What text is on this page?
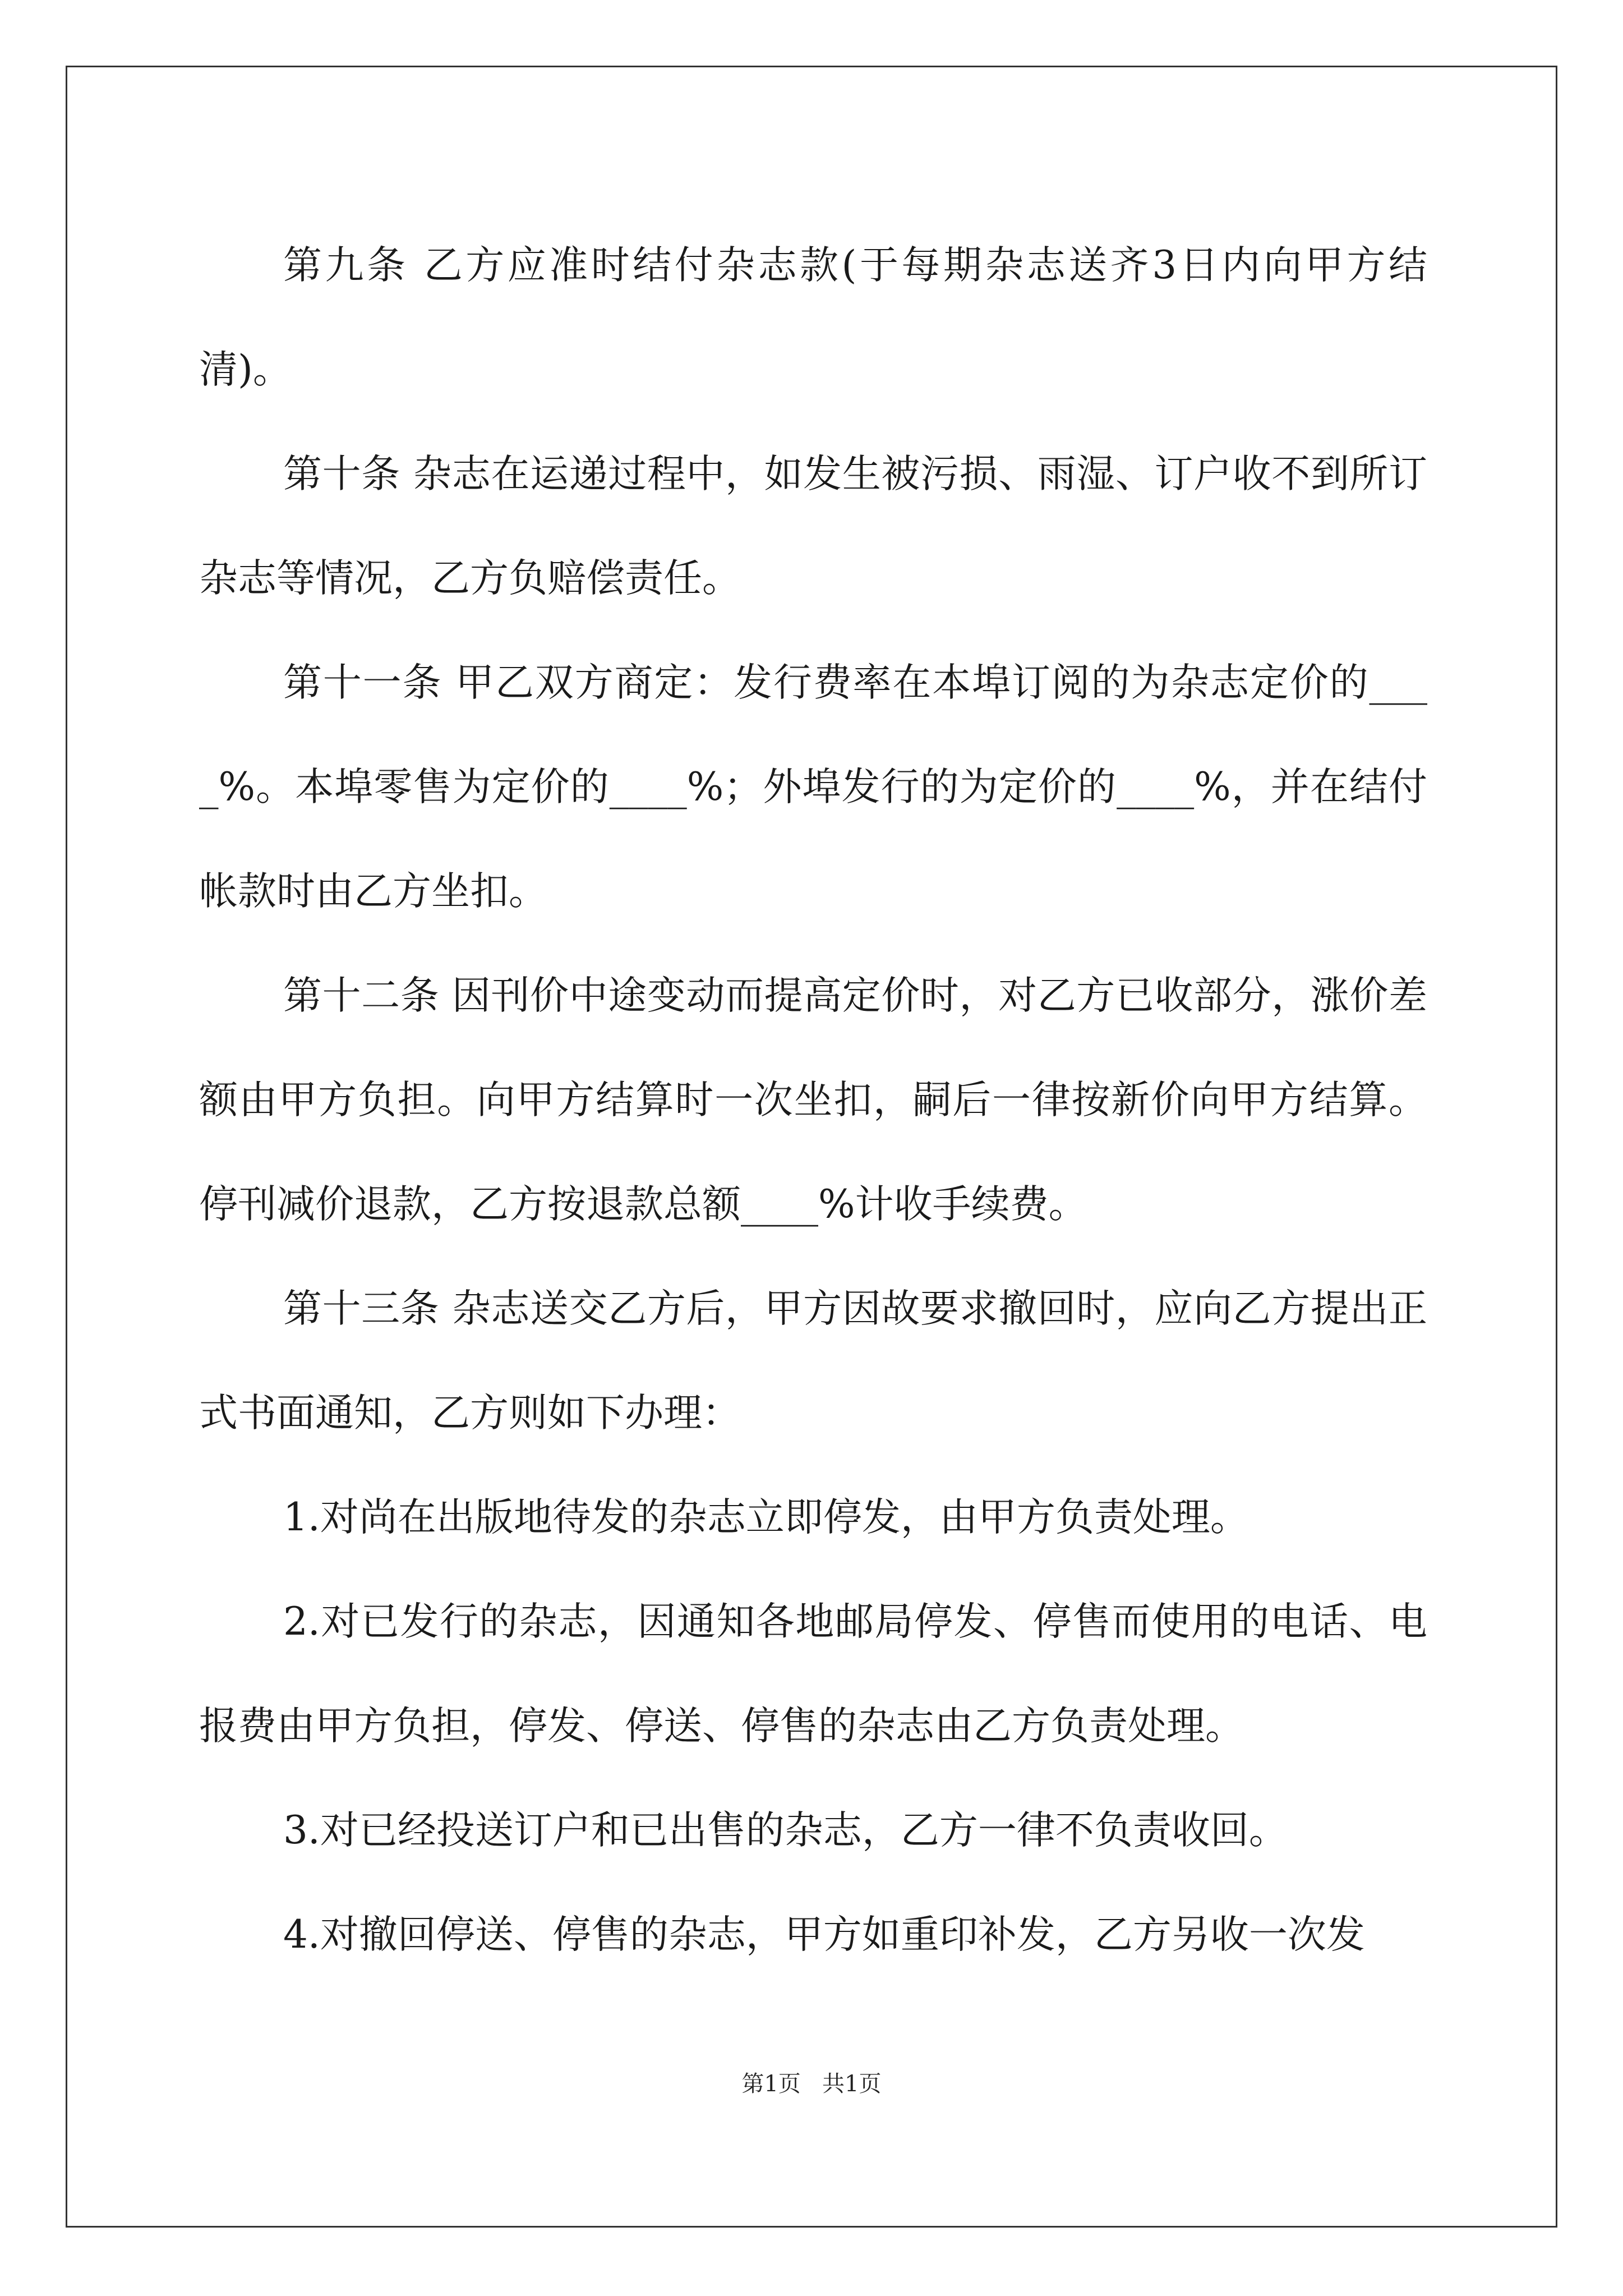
第九条 乙方应准时结付杂志款(于每期杂志送齐3日内向甲方结清)。

第十条 杂志在运递过程中，如发生被污损、雨湿、订户收不到所订杂志等情况，乙方负赔偿责任。

第十一条 甲乙双方商定：发行费率在本埠订阅的为杂志定价的____%。本埠零售为定价的____%；外埠发行的为定价的____%，并在结付帐款时由乙方坐扣。

第十二条 因刊价中途变动而提高定价时，对乙方已收部分，涨价差额由甲方负担。向甲方结算时一次坐扣，嗣后一律按新价向甲方结算。停刊减价退款，乙方按退款总额____%计收手续费。

第十三条 杂志送交乙方后，甲方因故要求撤回时，应向乙方提出正式书面通知，乙方则如下办理：

1.对尚在出版地待发的杂志立即停发，由甲方负责处理。

2.对已发行的杂志，因通知各地邮局停发、停售而使用的电话、电报费由甲方负担，停发、停送、停售的杂志由乙方负责处理。

3.对已经投送订户和已出售的杂志，乙方一律不负责收回。

4.对撤回停送、停售的杂志，甲方如重印补发，乙方另收一次发

第1页   共1页
